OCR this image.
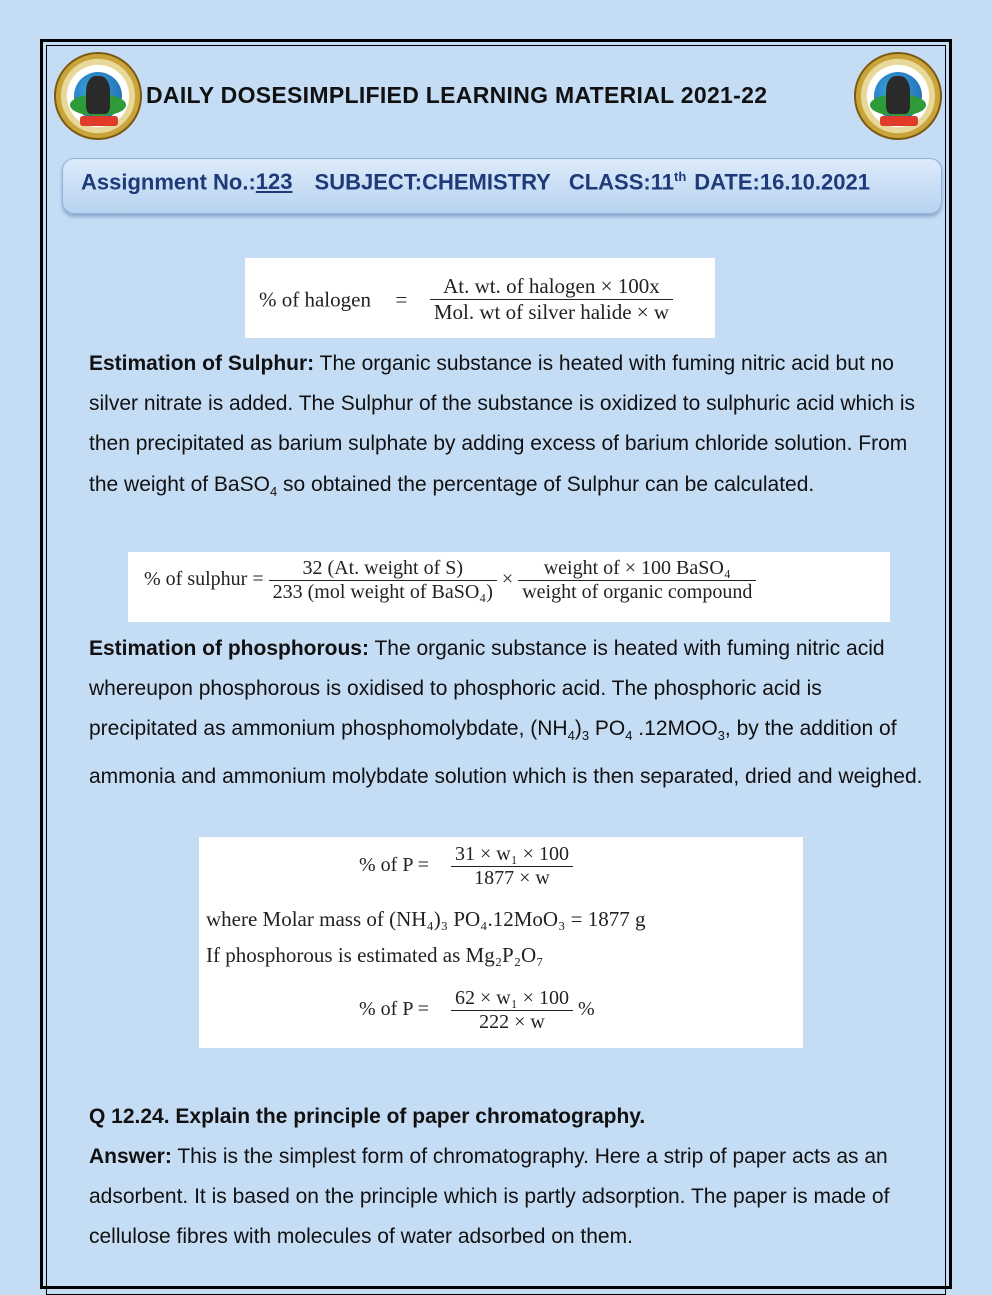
DAILY DOSESIMPLIFIED LEARNING MATERIAL 2021-22
Assignment No.:123 SUBJECT:CHEMISTRY CLASS:11th DATE:16.10.2021
% of halogen = $\frac{\text{At. wt. of halogen × 100x}}{\text{Mol. wt of silver halide × w}}$
Estimation of Sulphur: The organic substance is heated with fuming nitric acid but no silver nitrate is added. The Sulphur of the substance is oxidized to sulphuric acid which is then precipitated as barium sulphate by adding excess of barium chloride solution. From the weight of BaSO$_4$ so obtained the percentage of Sulphur can be calculated.
% of sulphur = $\frac{\text{32 (At. weight of S)}}{\text{233 (mol weight of BaSO₄)}} \times \frac{\text{weight of × 100 BaSO₄}}{\text{weight of organic compound}}$
Estimation of phosphorous: The organic substance is heated with fuming nitric acid whereupon phosphorous is oxidised to phosphoric acid. The phosphoric acid is precipitated as ammonium phosphomolybdate, $(NH_4)_3$ $PO_4$ $.12MOO_3$, by the addition of ammonia and ammonium molybdate solution which is then separated, dried and weighed.
% of $P = \frac{\text{31 × w₁ × 100}}{1877 \times w}$
where Molar mass of (NH₄)₃ PO₄.12MoO₃ = 1877 g
If phosphorous is estimated as Mg₂P₂O₇
% of $P = \frac{\text{62 × w₁ × 100}}{222 \times w}$ %
Q 12.24. Explain the principle of paper chromatography.
Answer: This is the simplest form of chromatography. Here a strip of paper acts as an adsorbent. It is based on the principle which is partly adsorption. The paper is made of cellulose fibres with molecules of water adsorbed on them.
